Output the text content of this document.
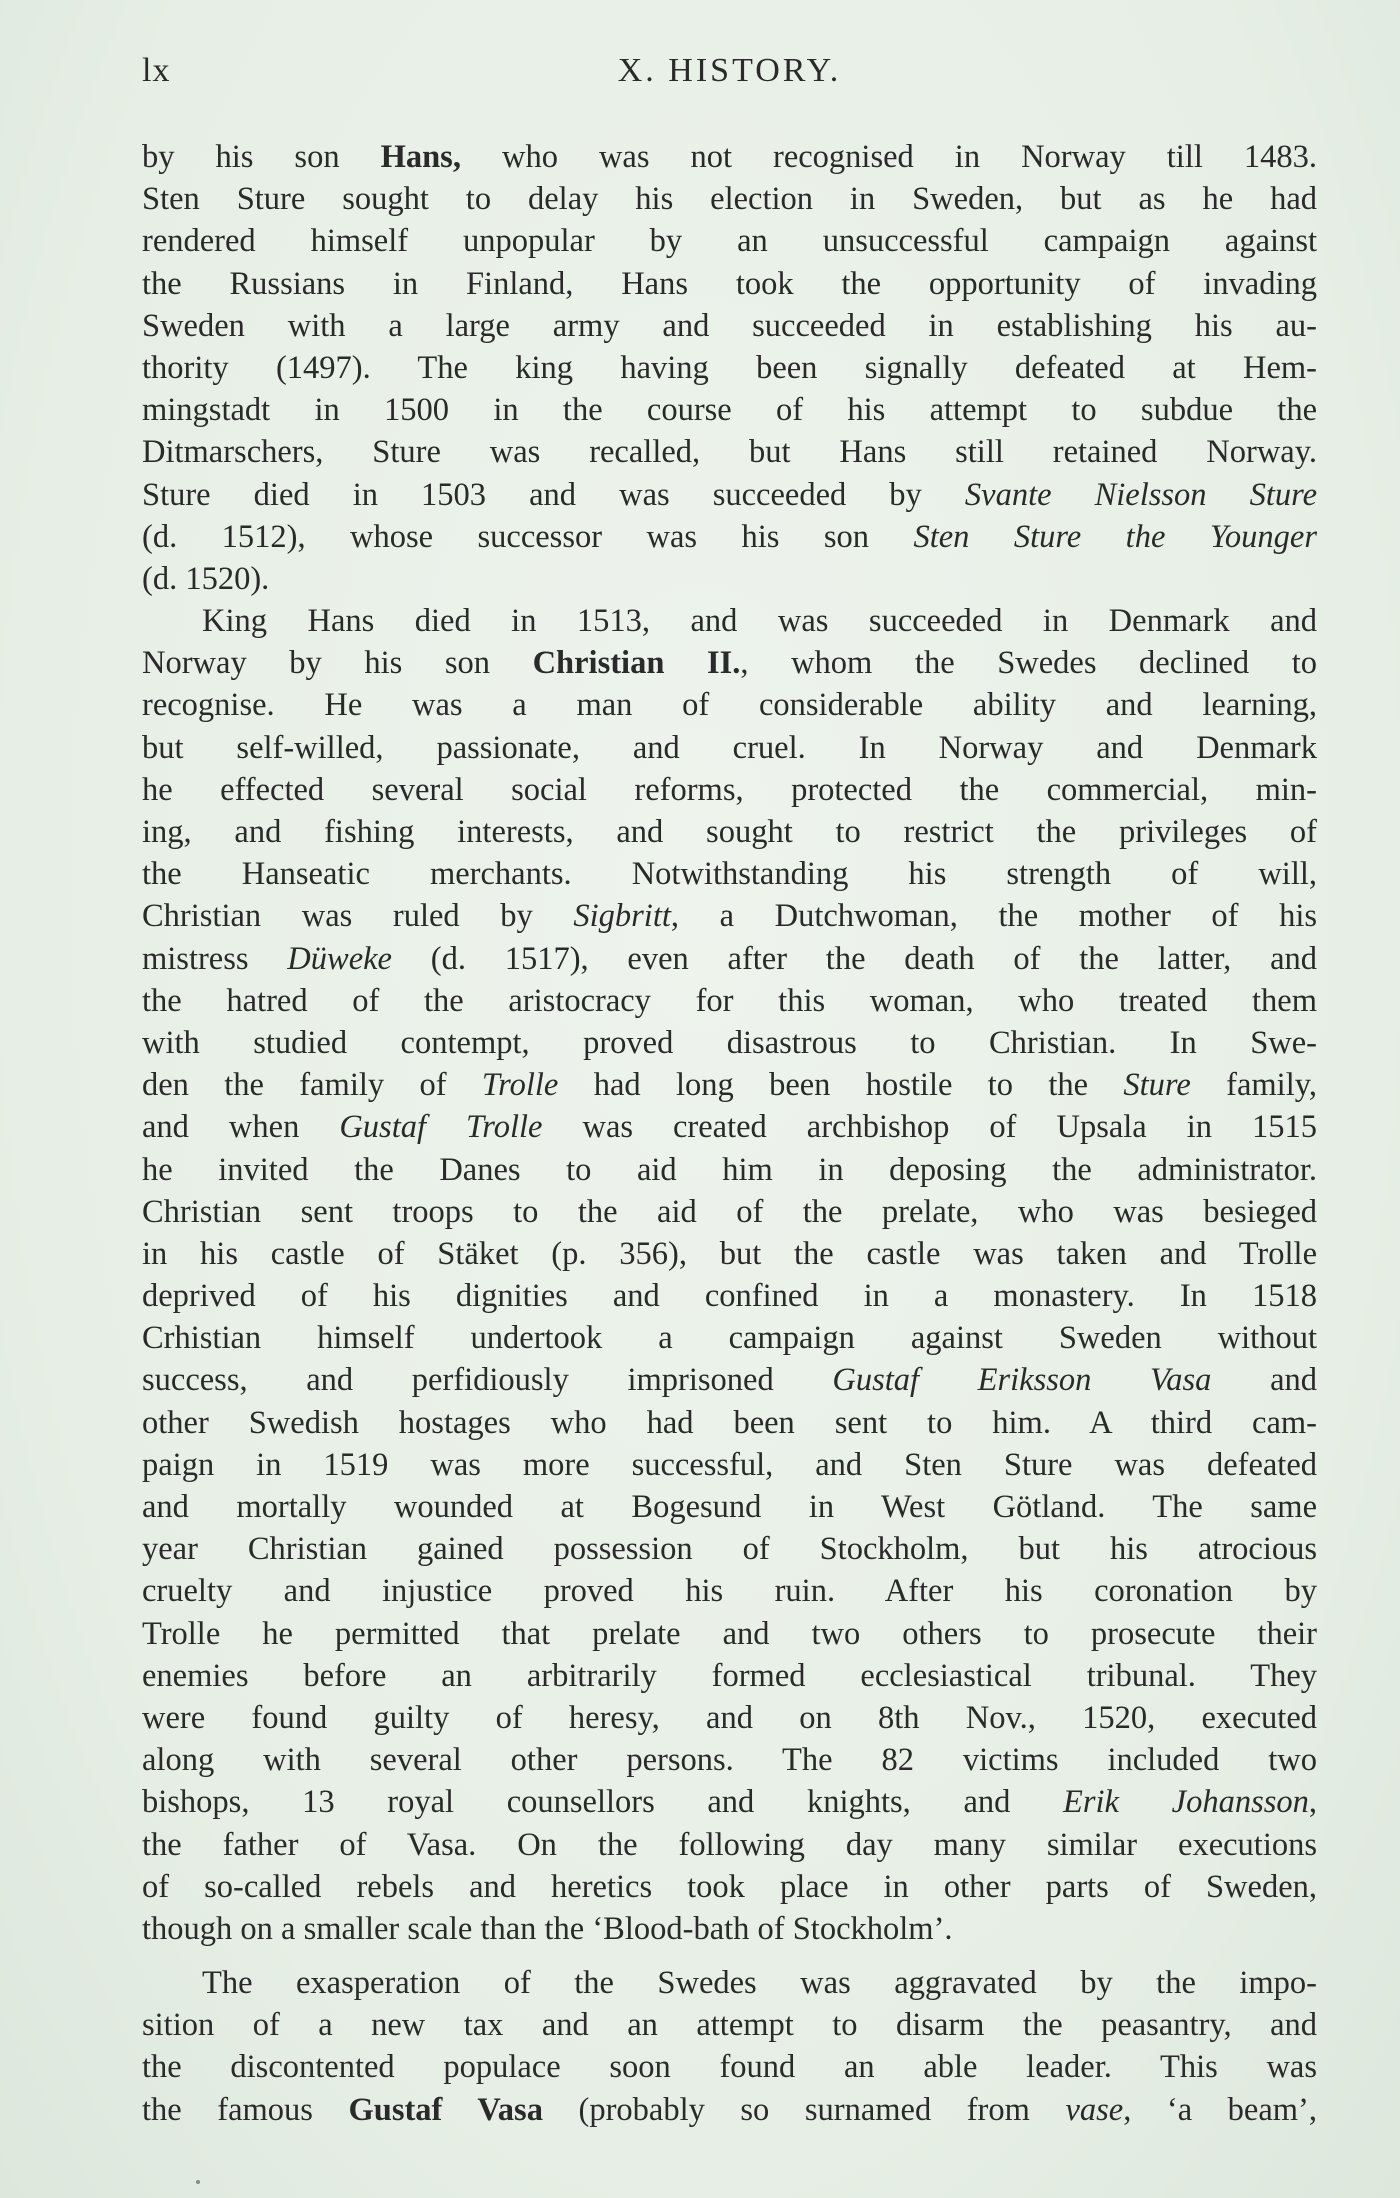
lx	X. HISTORY.
by his son Hans, who was not recognised in Norway till 1483.
Sten Sture sought to delay his election in Sweden, but as he had
rendered himself unpopular by an unsuccessful campaign against
the Russians in Finland, Hans took the opportunity of invading
Sweden with a large army and succeeded in establishing his au-
thority (1497). The king having been signally defeated at Hem-
mingstadt in 1500 in the course of his attempt to subdue the
Ditmarschers, Sture was recalled, but Hans still retained Norway.
Sture died in 1503 and was succeeded by Svante Nielsson Sture
(d. 1512), whose successor was his son Sten Sture the Younger
(d. 1520).
King Hans died in 1513, and was succeeded in Denmark and
Norway by his son Christian II., whom the Swedes declined to
recognise. He was a man of considerable ability and learning,
but self-willed, passionate, and cruel. In Norway and Denmark
he effected several social reforms, protected the commercial, min-
ing, and fishing interests, and sought to restrict the privileges of
the Hanseatic merchants. Notwithstanding his strength of will,
Christian was ruled by Sigbritt, a Dutchwoman, the mother of his
mistress Düweke (d. 1517), even after the death of the latter, and
the hatred of the aristocracy for this woman, who treated them
with studied contempt, proved disastrous to Christian. In Swe-
den the family of Trolle had long been hostile to the Sture family,
and when Gustaf Trolle was created archbishop of Upsala in 1515
he invited the Danes to aid him in deposing the administrator.
Christian sent troops to the aid of the prelate, who was besieged
in his castle of Stäket (p. 356), but the castle was taken and Trolle
deprived of his dignities and confined in a monastery. In 1518
Crhistian himself undertook a campaign against Sweden without
success, and perfidiously imprisoned Gustaf Eriksson Vasa and
other Swedish hostages who had been sent to him. A third cam-
paign in 1519 was more successful, and Sten Sture was defeated
and mortally wounded at Bogesund in West Götland. The same
year Christian gained possession of Stockholm, but his atrocious
cruelty and injustice proved his ruin. After his coronation by
Trolle he permitted that prelate and two others to prosecute their
enemies before an arbitrarily formed ecclesiastical tribunal. They
were found guilty of heresy, and on 8th Nov., 1520, executed
along with several other persons. The 82 victims included two
bishops, 13 royal counsellors and knights, and Erik Johansson,
the father of Vasa. On the following day many similar executions
of so-called rebels and heretics took place in other parts of Sweden,
though on a smaller scale than the ‘Blood-bath of Stockholm’.
The exasperation of the Swedes was aggravated by the impo-
sition of a new tax and an attempt to disarm the peasantry, and
the discontented populace soon found an able leader. This was
the famous Gustaf Vasa (probably so surnamed from vase, ‘a beam’,
